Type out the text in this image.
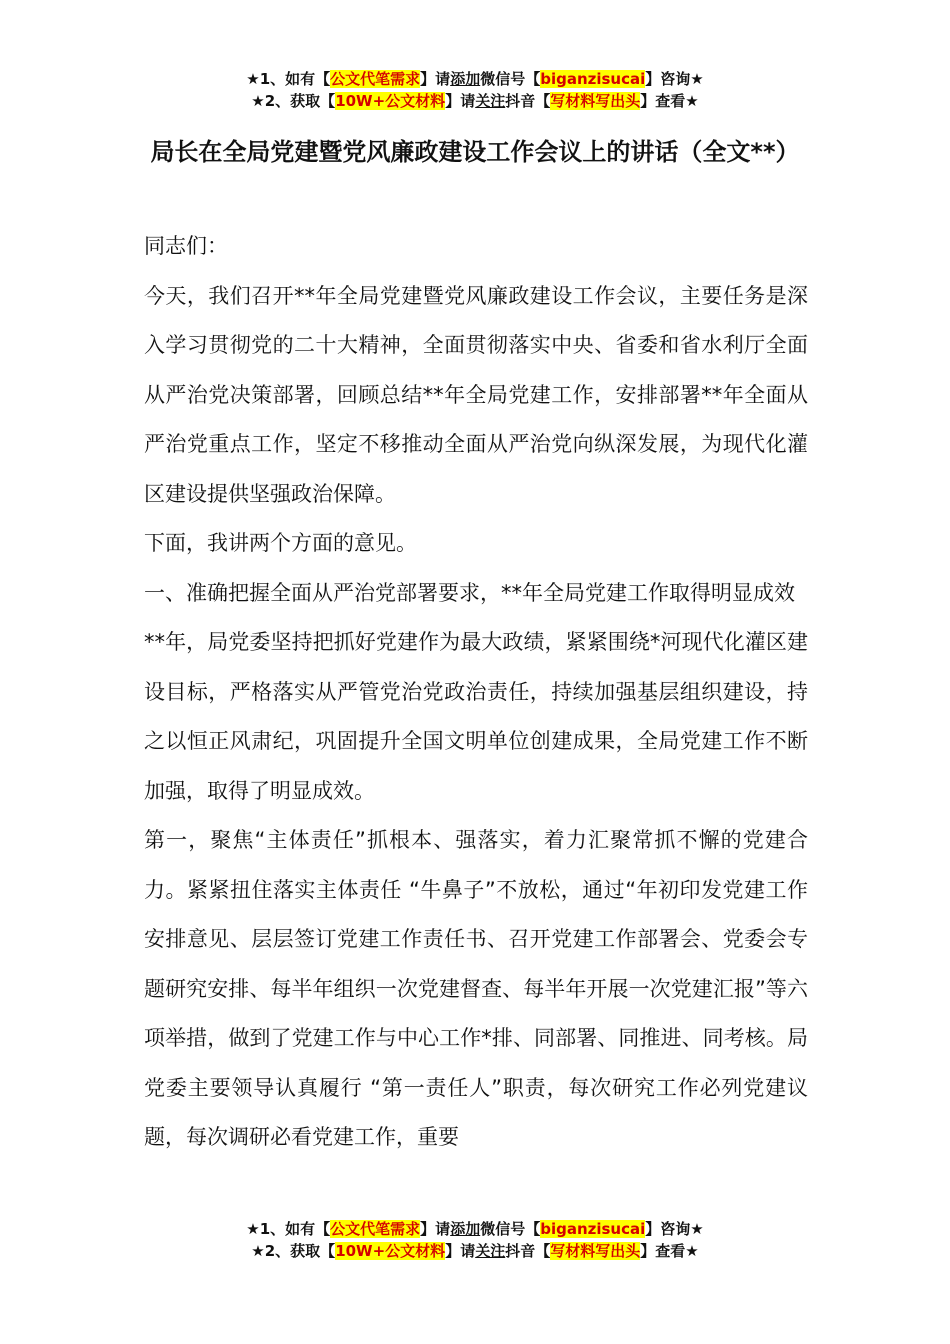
★1、如有【公文代笔需求】请添加微信号【biganzisucai】咨询★
★2、获取【10W+公文材料】请关注抖音【写材料写出头】查看★
局长在全局党建暨党风廉政建设工作会议上的讲话（全文**）

同志们：

今天，我们召开**年全局党建暨党风廉政建设工作会议，主要任务是深入学习贯彻党的二十大精神，全面贯彻落实中央、省委和省水利厅全面从严治党决策部署，回顾总结**年全局党建工作，安排部署**年全面从严治党重点工作，坚定不移推动全面从严治党向纵深发展，为现代化灌区建设提供坚强政治保障。

下面，我讲两个方面的意见。

一、准确把握全面从严治党部署要求，**年全局党建工作取得明显成效

**年，局党委坚持把抓好党建作为最大政绩，紧紧围绕*河现代化灌区建设目标，严格落实从严管党治党政治责任，持续加强基层组织建设，持之以恒正风肃纪，巩固提升全国文明单位创建成果，全局党建工作不断加强，取得了明显成效。

第一，聚焦“主体责任”抓根本、强落实，着力汇聚常抓不懈的党建合力。紧紧扭住落实主体责任 “牛鼻子”不放松，通过“年初印发党建工作安排意见、层层签订党建工作责任书、召开党建工作部署会、党委会专题研究安排、每半年组织一次党建督查、每半年开展一次党建汇报”等六项举措，做到了党建工作与中心工作*排、同部署、同推进、同考核。局党委主要领导认真履行 “第一责任人”职责，每次研究工作必列党建议题，每次调研必看党建工作，重要

★1、如有【公文代笔需求】请添加微信号【biganzisucai】咨询★
★2、获取【10W+公文材料】请关注抖音【写材料写出头】查看★
